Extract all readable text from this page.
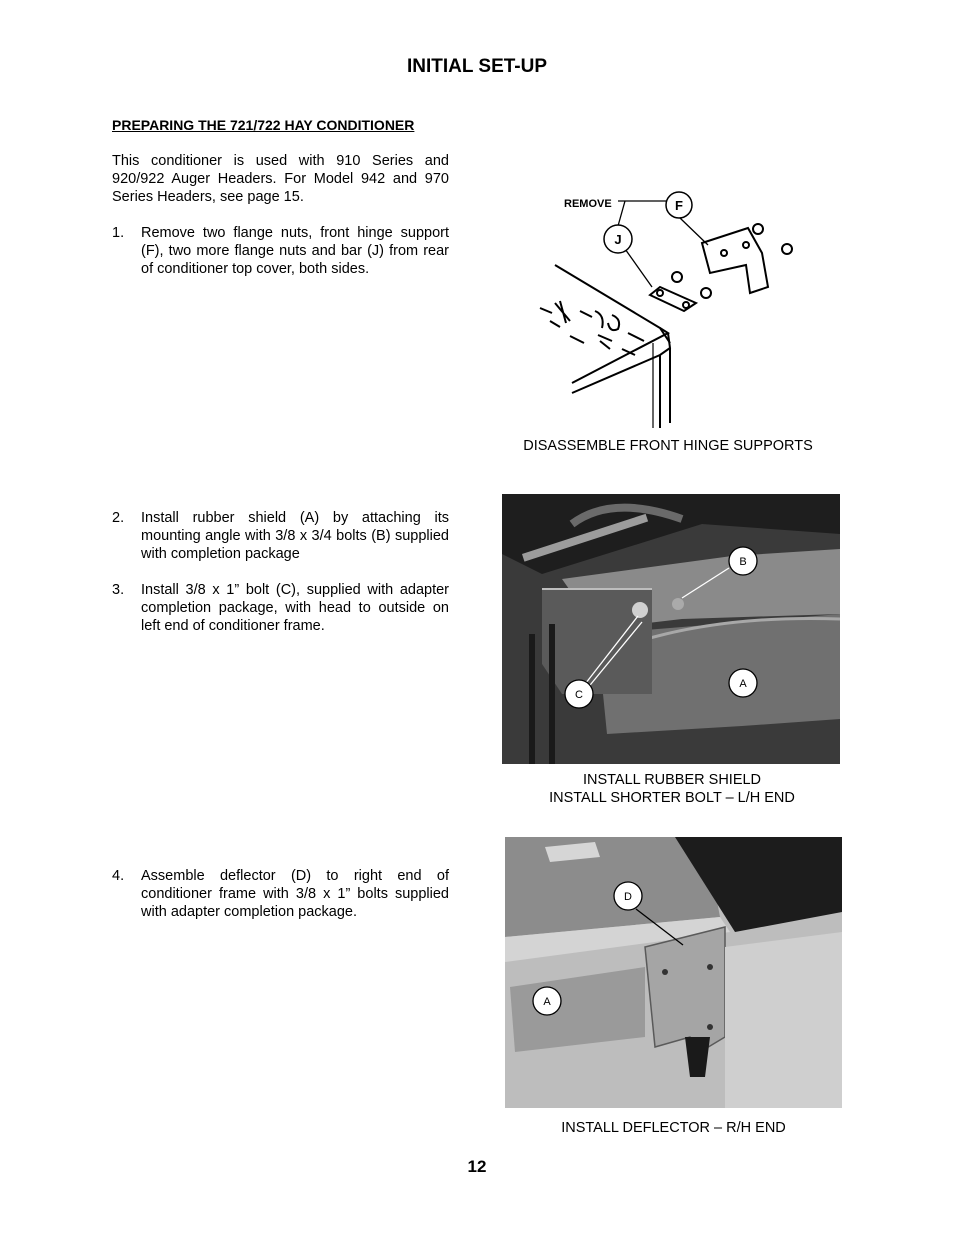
INITIAL SET-UP
PREPARING THE 721/722 HAY CONDITIONER
This conditioner is used with 910 Series and 920/922 Auger Headers. For Model 942 and 970 Series Headers, see page 15.
1. Remove two flange nuts, front hinge support (F), two more flange nuts and bar (J) from rear of conditioner top cover, both sides.
2. Install rubber shield (A) by attaching its mounting angle with 3/8 x 3/4 bolts (B) supplied with completion package
3. Install 3/8 x 1” bolt (C), supplied with adapter completion package, with head to outside on left end of conditioner frame.
4. Assemble deflector (D) to right end of conditioner frame with 3/8 x 1” bolts supplied with adapter completion package.
REMOVE	F
J
DISASSEMBLE FRONT HINGE SUPPORTS
B
A
C
INSTALL RUBBER SHIELD
INSTALL SHORTER BOLT – L/H END
D
A
INSTALL DEFLECTOR – R/H END
12
